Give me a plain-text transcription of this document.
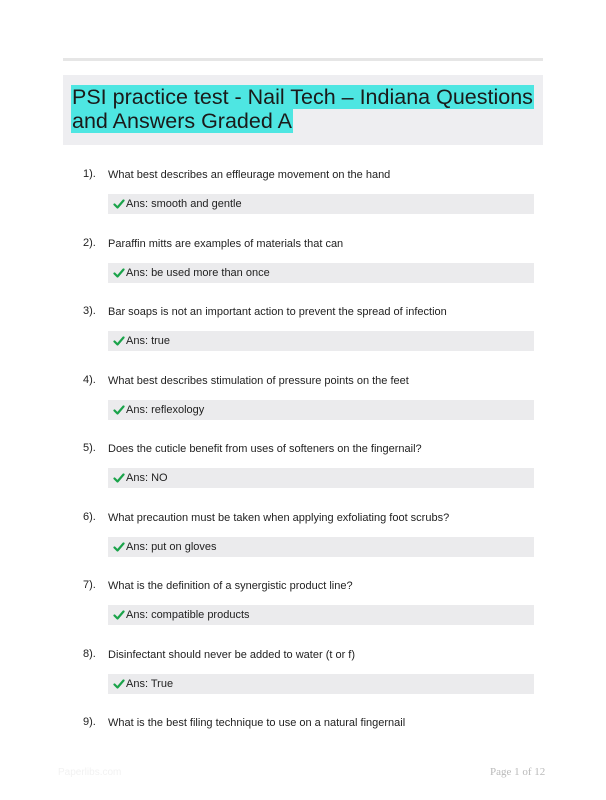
PSI practice test - Nail Tech – Indiana Questions and Answers Graded A
1). What best describes an effleurage movement on the hand
Ans: smooth and gentle
2). Paraffin mitts are examples of materials that can
Ans: be used more than once
3). Bar soaps is not an important action to prevent the spread of infection
Ans: true
4). What best describes stimulation of pressure points on the feet
Ans: reflexology
5). Does the cuticle benefit from uses of softeners on the fingernail?
Ans: NO
6). What precaution must be taken when applying exfoliating foot scrubs?
Ans: put on gloves
7). What is the definition of a synergistic product line?
Ans: compatible products
8). Disinfectant should never be added to water (t or f)
Ans: True
9). What is the best filing technique to use on a natural fingernail
Paperlibs.com	Page 1 of 12
